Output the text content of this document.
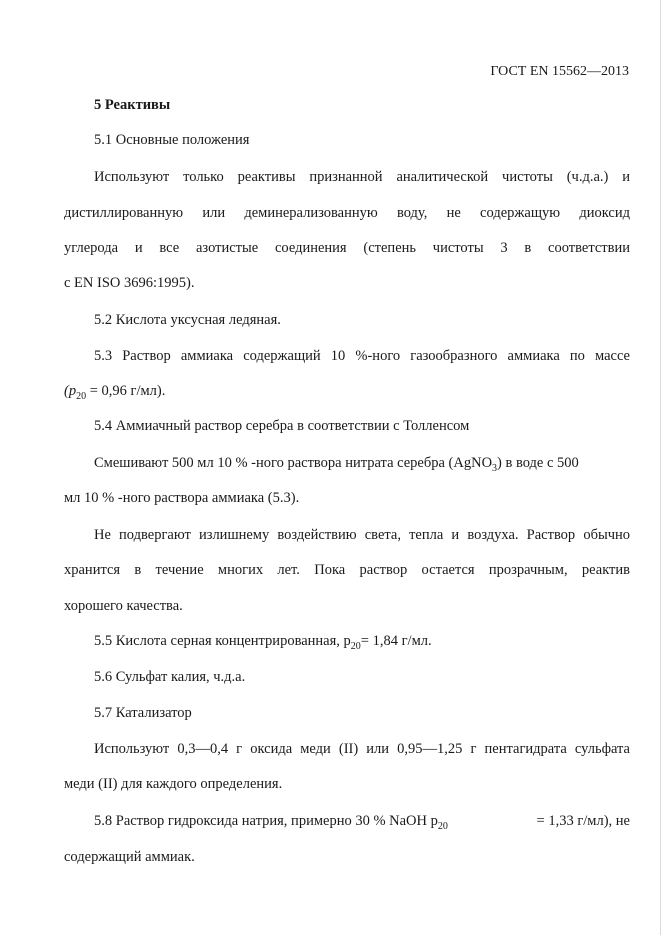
ГОСТ EN 15562—2013
5 Реактивы
5.1 Основные положения
Используют только реактивы признанной аналитической чистоты (ч.д.а.) и
дистиллированную или деминерализованную воду, не содержащую диоксид
углерода и все азотистые соединения (степень чистоты 3 в соответствии
с EN ISO 3696:1995).
5.2 Кислота уксусная ледяная.
5.3 Раствор аммиака содержащий 10 %-ного газообразного аммиака по массе
($p_{20} = 0,96$ г/мл).
5.4 Аммиачный раствор серебра в соответствии с Толленсом
Смешивают 500 мл 10 % -ного раствора нитрата серебра (AgNO$_3$) в воде с 500
мл 10 % -ного раствора аммиака (5.3).
Не подвергают излишнему воздействию света, тепла и воздуха. Раствор обычно
хранится в течение многих лет. Пока раствор остается прозрачным, реактив
хорошего качества.
5.5 Кислота серная концентрированная, $p_{20}= 1,84$ г/мл.
5.6 Сульфат калия, ч.д.а.
5.7 Катализатор
Используют 0,3—0,4 г оксида меди (II) или 0,95—1,25 г пентагидрата сульфата
меди (II) для каждого определения.
5.8 Раствор гидроксида натрия, примерно 30 % NaOH $p_{20}$	= 1,33 г/мл), не
содержащий аммиак.
